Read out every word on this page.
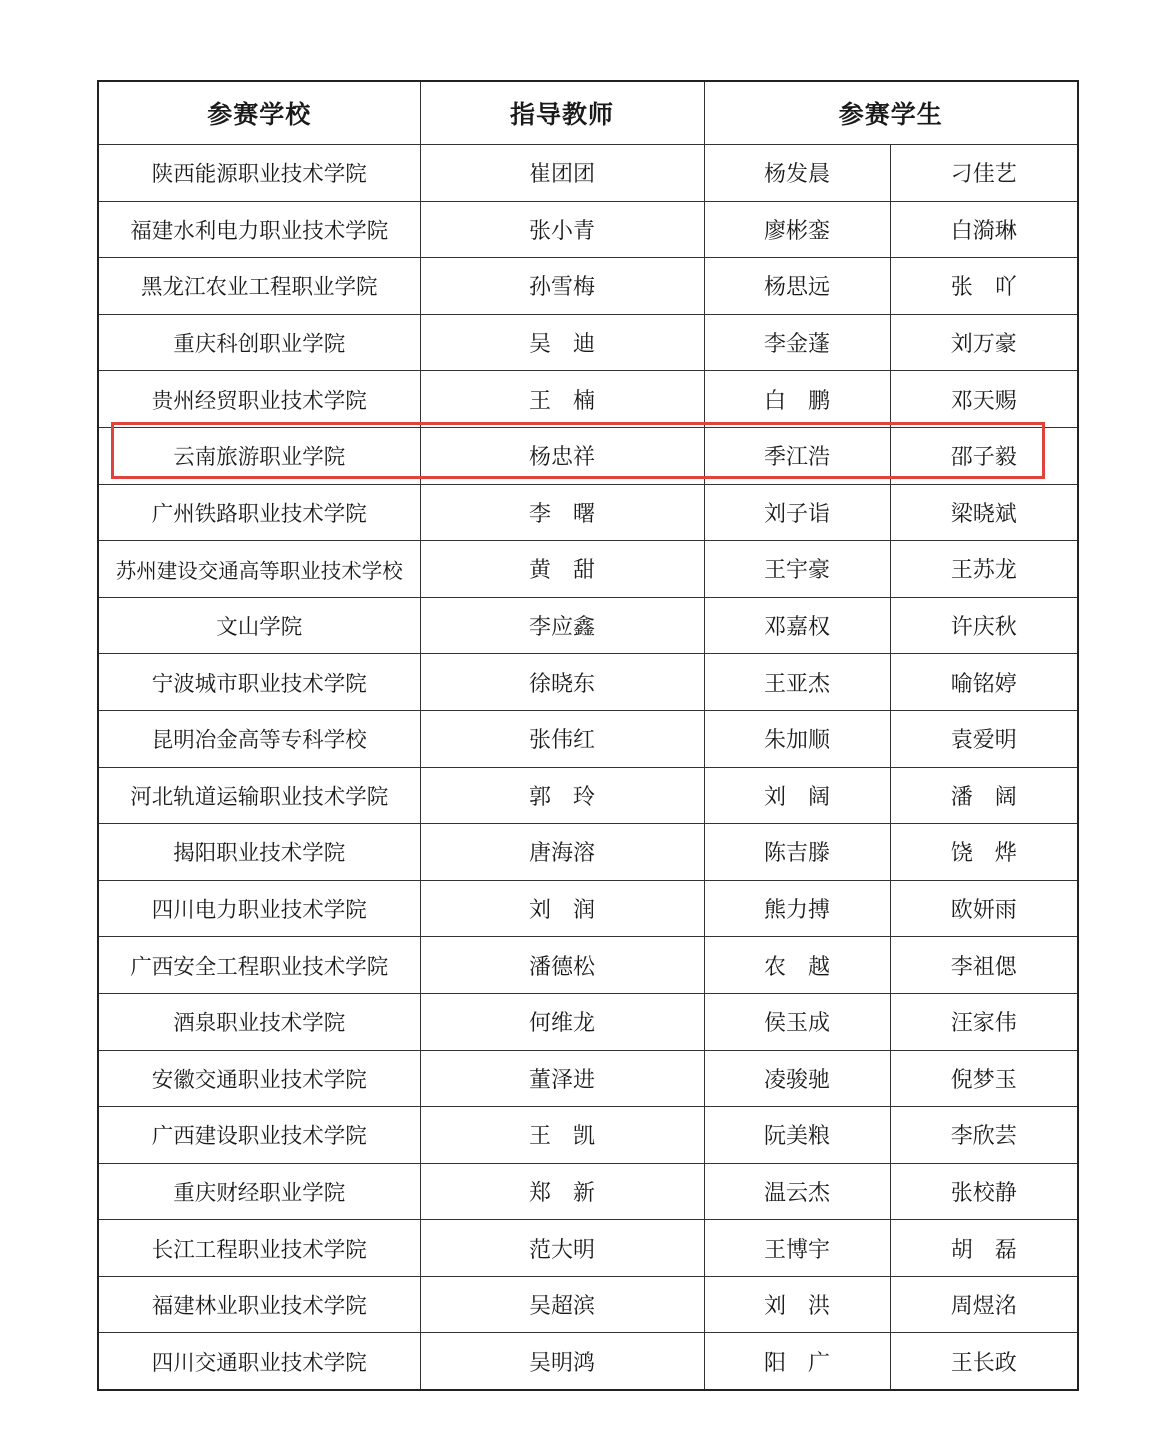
参赛学校	指导教师	参赛学生	
陕西能源职业技术学院	崔团团	杨发晨	刁佳艺
福建水利电力职业技术学院	张小青	廖彬銮	白漪琳
黑龙江农业工程职业学院	孙雪梅	杨思远	张　吖
重庆科创职业学院	吴　迪	李金蓬	刘万豪
贵州经贸职业技术学院	王　楠	白　鹏	邓天赐
云南旅游职业学院	杨忠祥	季江浩	邵子毅
广州铁路职业技术学院	李　曙	刘子诣	梁晓斌
苏州建设交通高等职业技术学校	黄　甜	王宇豪	王苏龙
文山学院	李应鑫	邓嘉权	许庆秋
宁波城市职业技术学院	徐晓东	王亚杰	喻铭婷
昆明冶金高等专科学校	张伟红	朱加顺	袁爱明
河北轨道运输职业技术学院	郭　玲	刘　阔	潘　阔
揭阳职业技术学院	唐海溶	陈吉滕	饶　烨
四川电力职业技术学院	刘　润	熊力搏	欧妍雨
广西安全工程职业技术学院	潘德松	农　越	李祖偲
酒泉职业技术学院	何维龙	侯玉成	汪家伟
安徽交通职业技术学院	董泽进	凌骏驰	倪梦玉
广西建设职业技术学院	王　凯	阮美粮	李欣芸
重庆财经职业学院	郑　新	温云杰	张校静
长江工程职业技术学院	范大明	王博宇	胡　磊
福建林业职业技术学院	吴超滨	刘　洪	周煜洺
四川交通职业技术学院	吴明鸿	阳　广	王长政
